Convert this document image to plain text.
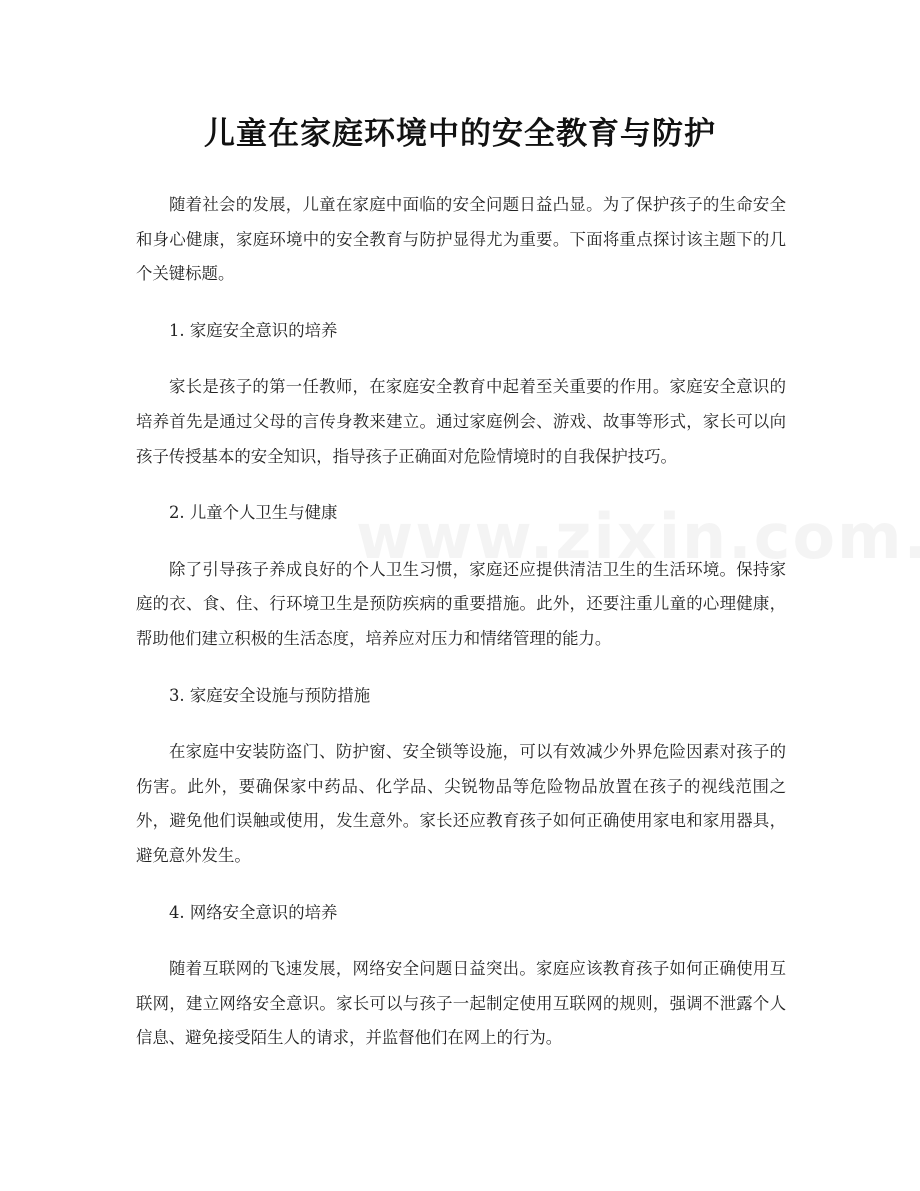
儿童在家庭环境中的安全教育与防护

随着社会的发展，儿童在家庭中面临的安全问题日益凸显。为了保护孩子的生命安全和身心健康，家庭环境中的安全教育与防护显得尤为重要。下面将重点探讨该主题下的几个关键标题。

1. 家庭安全意识的培养

家长是孩子的第一任教师，在家庭安全教育中起着至关重要的作用。家庭安全意识的培养首先是通过父母的言传身教来建立。通过家庭例会、游戏、故事等形式，家长可以向孩子传授基本的安全知识，指导孩子正确面对危险情境时的自我保护技巧。

2. 儿童个人卫生与健康

除了引导孩子养成良好的个人卫生习惯，家庭还应提供清洁卫生的生活环境。保持家庭的衣、食、住、行环境卫生是预防疾病的重要措施。此外，还要注重儿童的心理健康，帮助他们建立积极的生活态度，培养应对压力和情绪管理的能力。

3. 家庭安全设施与预防措施

在家庭中安装防盗门、防护窗、安全锁等设施，可以有效减少外界危险因素对孩子的伤害。此外，要确保家中药品、化学品、尖锐物品等危险物品放置在孩子的视线范围之外，避免他们误触或使用，发生意外。家长还应教育孩子如何正确使用家电和家用器具，避免意外发生。

4. 网络安全意识的培养

随着互联网的飞速发展，网络安全问题日益突出。家庭应该教育孩子如何正确使用互联网，建立网络安全意识。家长可以与孩子一起制定使用互联网的规则，强调不泄露个人信息、避免接受陌生人的请求，并监督他们在网上的行为。
